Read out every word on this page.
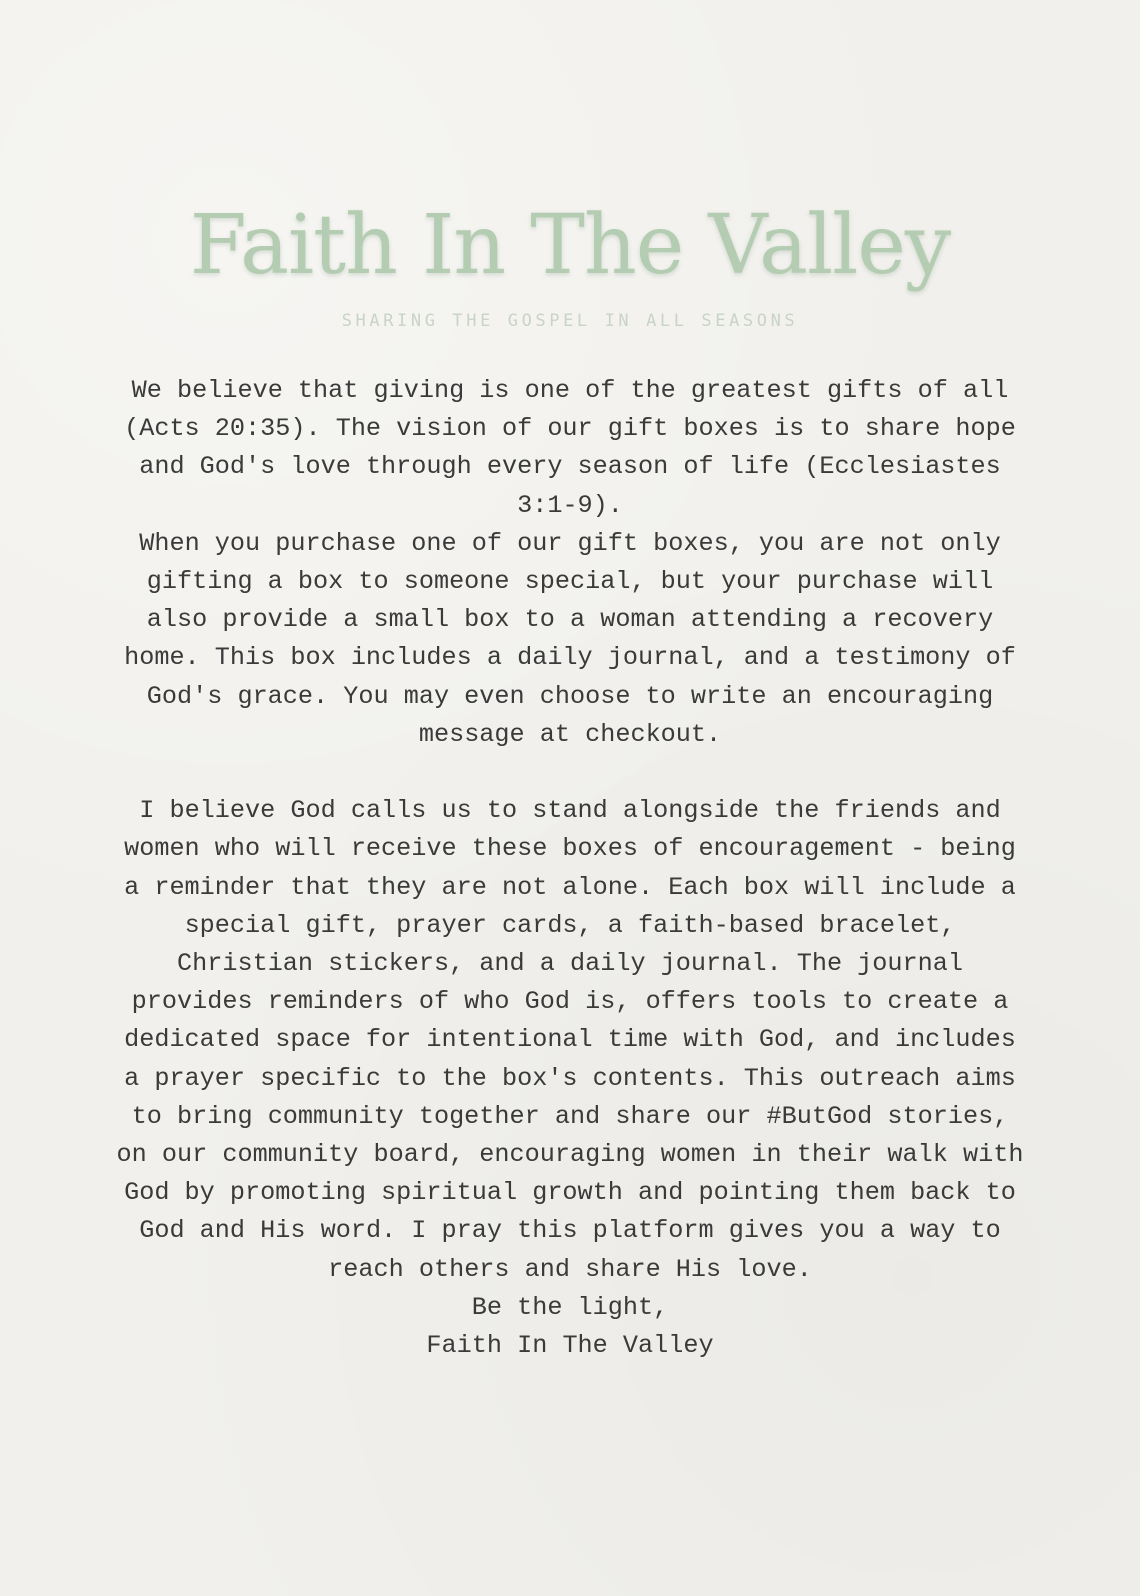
Faith In The Valley
SHARING THE GOSPEL IN ALL SEASONS

We believe that giving is one of the greatest gifts of all (Acts 20:35). The vision of our gift boxes is to share hope and God's love through every season of life (Ecclesiastes 3:1-9).

When you purchase one of our gift boxes, you are not only gifting a box to someone special, but your purchase will also provide a small box to a woman attending a recovery home. This box includes a daily journal, and a testimony of God's grace. You may even choose to write an encouraging message at checkout.

I believe God calls us to stand alongside the friends and women who will receive these boxes of encouragement - being a reminder that they are not alone. Each box will include a special gift, prayer cards, a faith-based bracelet, Christian stickers, and a daily journal. The journal provides reminders of who God is, offers tools to create a dedicated space for intentional time with God, and includes a prayer specific to the box's contents. This outreach aims to bring community together and share our #ButGod stories, on our community board, encouraging women in their walk with God by promoting spiritual growth and pointing them back to God and His word. I pray this platform gives you a way to reach others and share His love.

Be the light,

Faith In The Valley
